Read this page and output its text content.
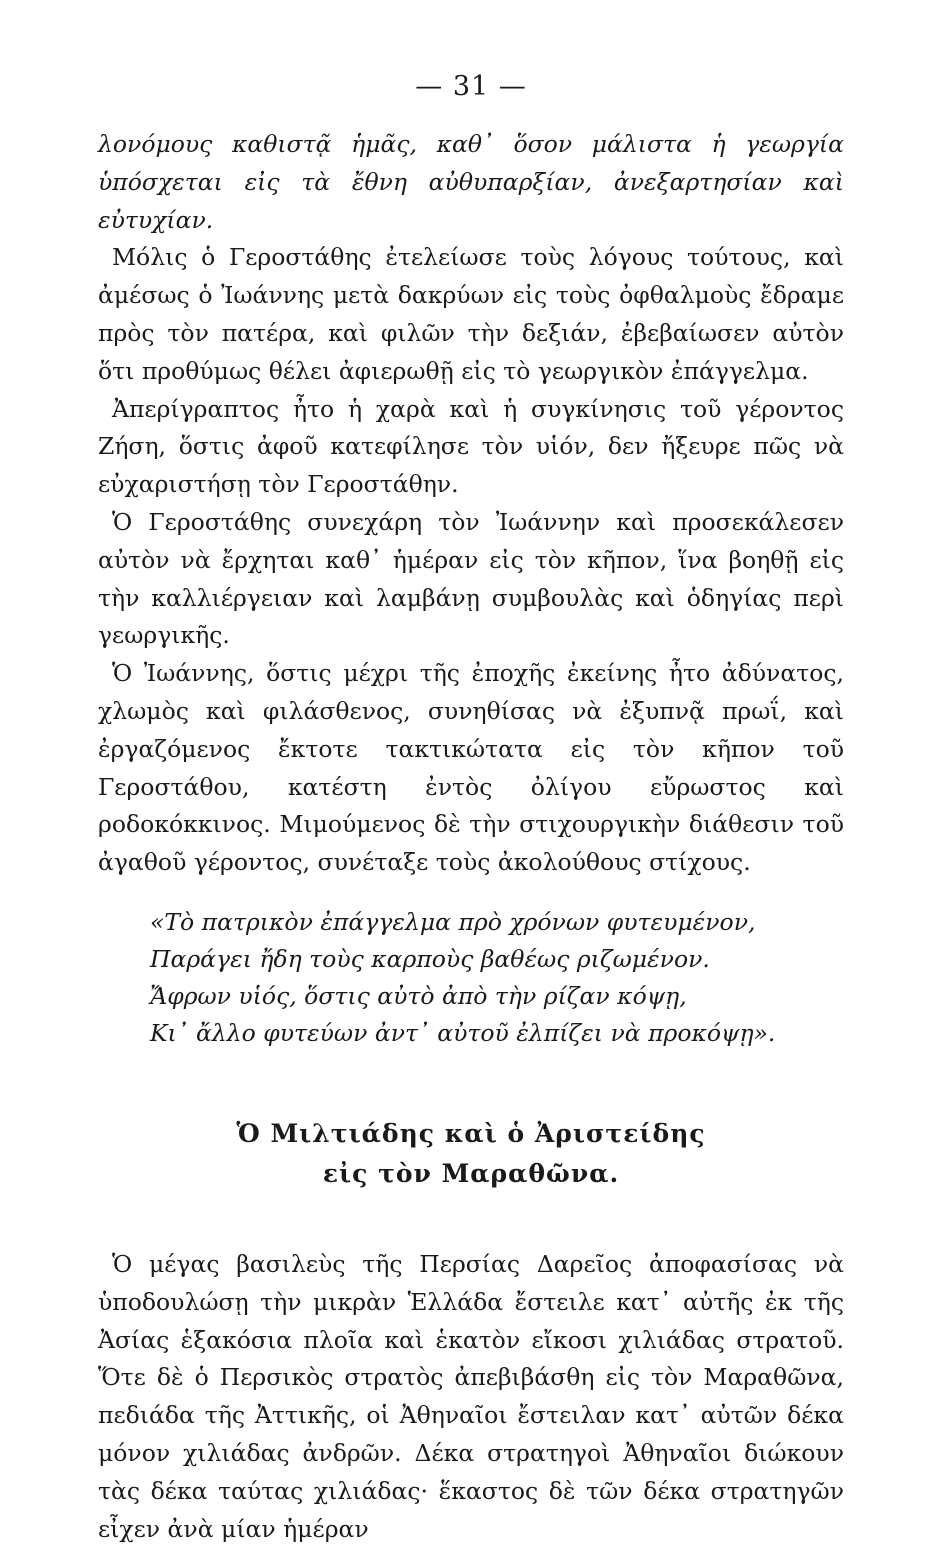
— 31 —

λονόμους καθιστᾷ ἡμᾶς, καθ᾽ ὅσον μάλιστα ἡ γεωργία ὑπόσχεται εἰς τὰ ἔθνη αὐθυπαρξίαν, ἀνεξαρτησίαν καὶ εὐτυχίαν.

Μόλις ὁ Γεροστάθης ἐτελείωσε τοὺς λόγους τούτους, καὶ ἀμέσως ὁ Ἰωάννης μετὰ δακρύων εἰς τοὺς ὀφθαλμοὺς ἔδραμε πρὸς τὸν πατέρα, καὶ φιλῶν τὴν δεξιάν, ἐβεβαίωσεν αὐτὸν ὅτι προθύμως θέλει ἀφιερωθῇ εἰς τὸ γεωργικὸν ἐπάγγελμα.

Ἀπερίγραπτος ἦτο ἡ χαρὰ καὶ ἡ συγκίνησις τοῦ γέροντος Ζήση, ὅστις ἀφοῦ κατεφίλησε τὸν υἱόν, δεν ἤξευρε πῶς νὰ εὐχαριστήσῃ τὸν Γεροστάθην.

Ὁ Γεροστάθης συνεχάρη τὸν Ἰωάννην καὶ προσεκάλεσεν αὐτὸν νὰ ἔρχηται καθ᾽ ἡμέραν εἰς τὸν κῆπον, ἵνα βοηθῇ εἰς τὴν καλλιέργειαν καὶ λαμβάνῃ συμβουλὰς καὶ ὁδηγίας περὶ γεωργικῆς.

Ὁ Ἰωάννης, ὅστις μέχρι τῆς ἐποχῆς ἐκείνης ἦτο ἀδύνατος, χλωμὸς καὶ φιλάσθενος, συνηθίσας νὰ ἐξυπνᾷ πρωΐ, καὶ ἐργαζόμενος ἔκτοτε τακτικώτατα εἰς τὸν κῆπον τοῦ Γεροστάθου, κατέστη ἐντὸς ὀλίγου εὔρωστος καὶ ροδοκόκκινος. Μιμούμενος δὲ τὴν στιχουργικὴν διάθεσιν τοῦ ἀγαθοῦ γέροντος, συνέταξε τοὺς ἀκολούθους στίχους.

«Τὸ πατρικὸν ἐπάγγελμα πρὸ χρόνων φυτευμένον,
Παράγει ἤδη τοὺς καρποὺς βαθέως ριζωμένον.
Ἄφρων υἱός, ὅστις αὐτὸ ἀπὸ τὴν ρίζαν κόψῃ,
Κι᾽ ἄλλο φυτεύων ἀντ᾽ αὐτοῦ ἐλπίζει νὰ προκόψῃ».
Ὁ Μιλτιάδης καὶ ὁ Ἀριστείδης
εἰς τὸν Μαραθῶνα.

Ὁ μέγας βασιλεὺς τῆς Περσίας Δαρεῖος ἀποφασίσας νὰ ὑποδουλώσῃ τὴν μικρὰν Ἑλλάδα ἔστειλε κατ᾽ αὐτῆς ἐκ τῆς Ἀσίας ἑξακόσια πλοῖα καὶ ἑκατὸν εἴκοσι χιλιάδας στρατοῦ. Ὅτε δὲ ὁ Περσικὸς στρατὸς ἀπεβιβάσθη εἰς τὸν Μαραθῶνα, πεδιάδα τῆς Ἀττικῆς, οἱ Ἀθηναῖοι ἔστειλαν κατ᾽ αὐτῶν δέκα μόνον χιλιάδας ἀνδρῶν. Δέκα στρατηγοὶ Ἀθηναῖοι διώκουν τὰς δέκα ταύτας χιλιάδας· ἕκαστος δὲ τῶν δέκα στρατηγῶν εἶχεν ἀνὰ μίαν ἡμέραν
